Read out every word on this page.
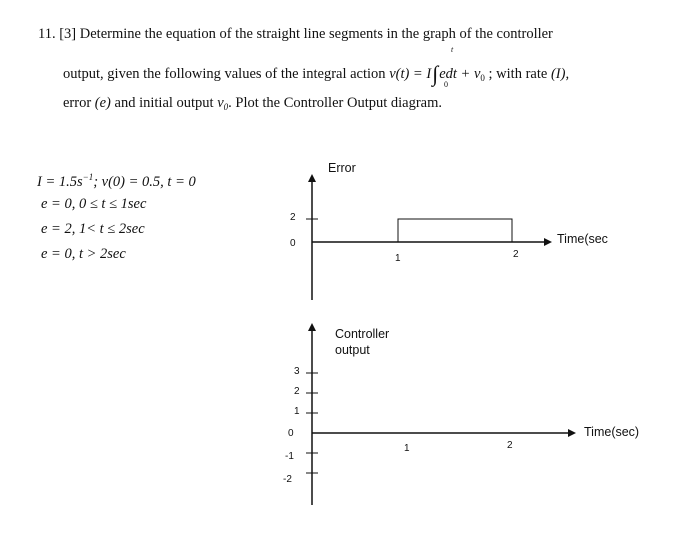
11. [3] Determine the equation of the straight line segments in the graph of the controller
output, given the following values of the integral action $v(t) = I\int edt + v_0$ ; with rate (I),
t
0
error (e) and initial output $v_0$. Plot the Controller Output diagram.
$I = 1.5s^{-1}$; v(0) = 0.5, t = 0
e = 0, 0 ≤ t ≤ 1sec
e = 2, 1< t ≤ 2sec
e = 0, t > 2sec
Error
Time(sec
2
0
1	2
Controller
output
Time(sec)
3
2
1
0
-1
-2
1	2
